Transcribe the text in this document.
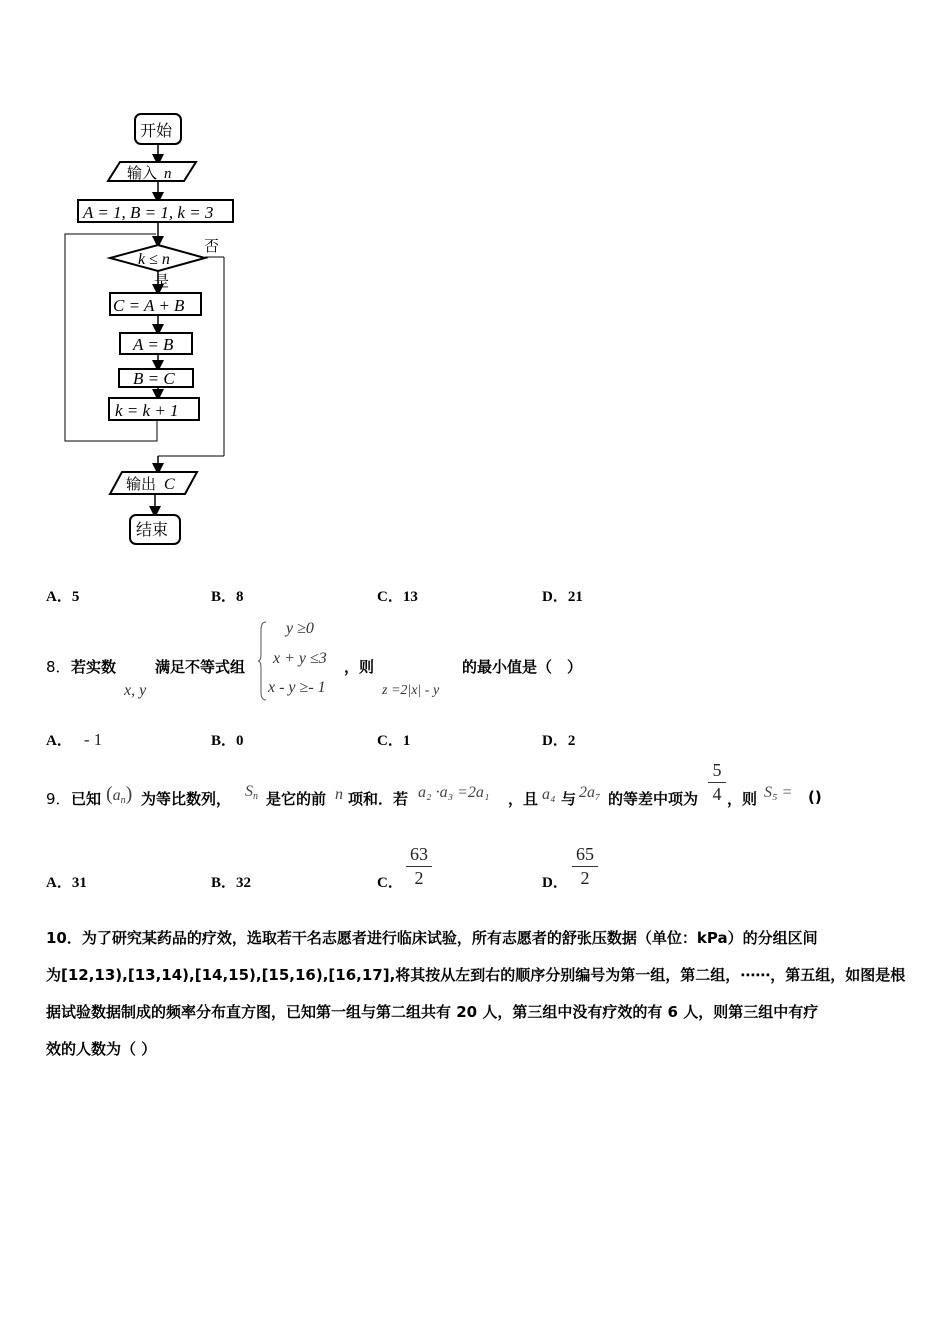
开始
输入 n
A = 1, B = 1, k = 3
k ≤ n
否
是
C = A + B
A = B
B = C
k = k + 1
输出 C
结束
A．5	B．8	C．13	D．21
8． 若实数
x, y
满足不等式组
y ≥0
x + y ≤3
x - y ≥- 1
，则
z =2|x| - y
的最小值是（　）
A． - 1	B．0	C．1	D．2
9． 已知 $(a_n)$ 为等比数列， $S_n$ 是它的前 n 项和．若 a₂ ·a₃ =2a₁ ，且 a₄ 与 2a₇ 的等差中项为
5
4 ，则 S₅ = ()
A．31	B．32	C．
63
2	D．
65
2
10．为了研究某药品的疗效，选取若干名志愿者进行临床试验，所有志愿者的舒张压数据（单位：kPa）的分组区间
为[12,13),[13,14),[14,15),[15,16),[16,17],将其按从左到右的顺序分别编号为第一组，第二组，⋯⋯，第五组，如图是根
据试验数据制成的频率分布直方图，已知第一组与第二组共有 20 人，第三组中没有疗效的有 6 人，则第三组中有疗
效的人数为（ ）
